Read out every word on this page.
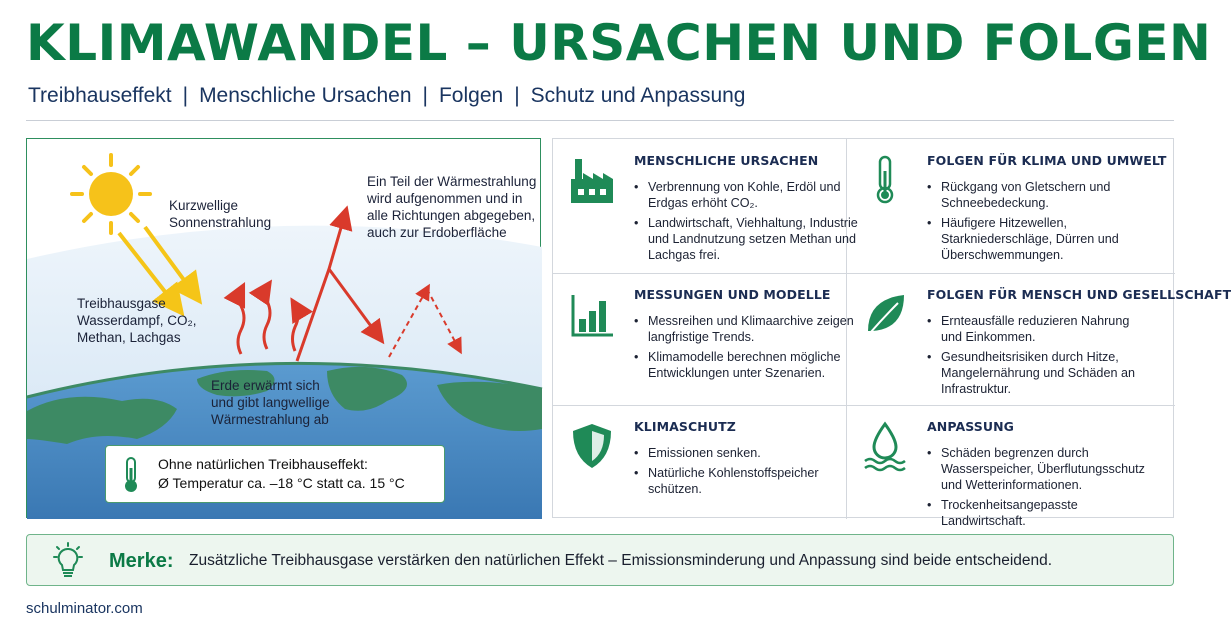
KLIMAWANDEL – URSACHEN UND FOLGEN
Treibhauseffekt | Menschliche Ursachen | Folgen | Schutz und Anpassung
Kurzwellige
Sonnenstrahlung
Ein Teil der Wärmestrahlung
wird aufgenommen und in
alle Richtungen abgegeben,
auch zur Erdoberfläche
Treibhausgase
Wasserdampf, CO₂,
Methan, Lachgas
Erde erwärmt sich
und gibt langwellige
Wärmestrahlung ab
Ohne natürlichen Treibhauseffekt:
Ø Temperatur ca. –18 °C statt ca. 15 °C
MENSCHLICHE URSACHEN
• Verbrennung von Kohle, Erdöl und Erdgas erhöht CO₂.
• Landwirtschaft, Viehhaltung, Industrie und Landnutzung setzen Methan und Lachgas frei.
FOLGEN FÜR KLIMA UND UMWELT
• Rückgang von Gletschern und Schneebedeckung.
• Häufigere Hitzewellen, Starkniederschläge, Dürren und Überschwemmungen.
MESSUNGEN UND MODELLE
• Messreihen und Klimaarchive zeigen langfristige Trends.
• Klimamodelle berechnen mögliche Entwicklungen unter Szenarien.
FOLGEN FÜR MENSCH UND GESELLSCHAFT
• Ernteausfälle reduzieren Nahrung und Einkommen.
• Gesundheitsrisiken durch Hitze, Mangelernährung und Schäden an Infrastruktur.
KLIMASCHUTZ
• Emissionen senken.
• Natürliche Kohlenstoffspeicher schützen.
ANPASSUNG
• Schäden begrenzen durch Wasserspeicher, Überflutungsschutz und Wetterinformationen.
• Trockenheitsangepasste Landwirtschaft.
Merke: Zusätzliche Treibhausgase verstärken den natürlichen Effekt – Emissionsminderung und Anpassung sind beide entscheidend.
schulminator.com
